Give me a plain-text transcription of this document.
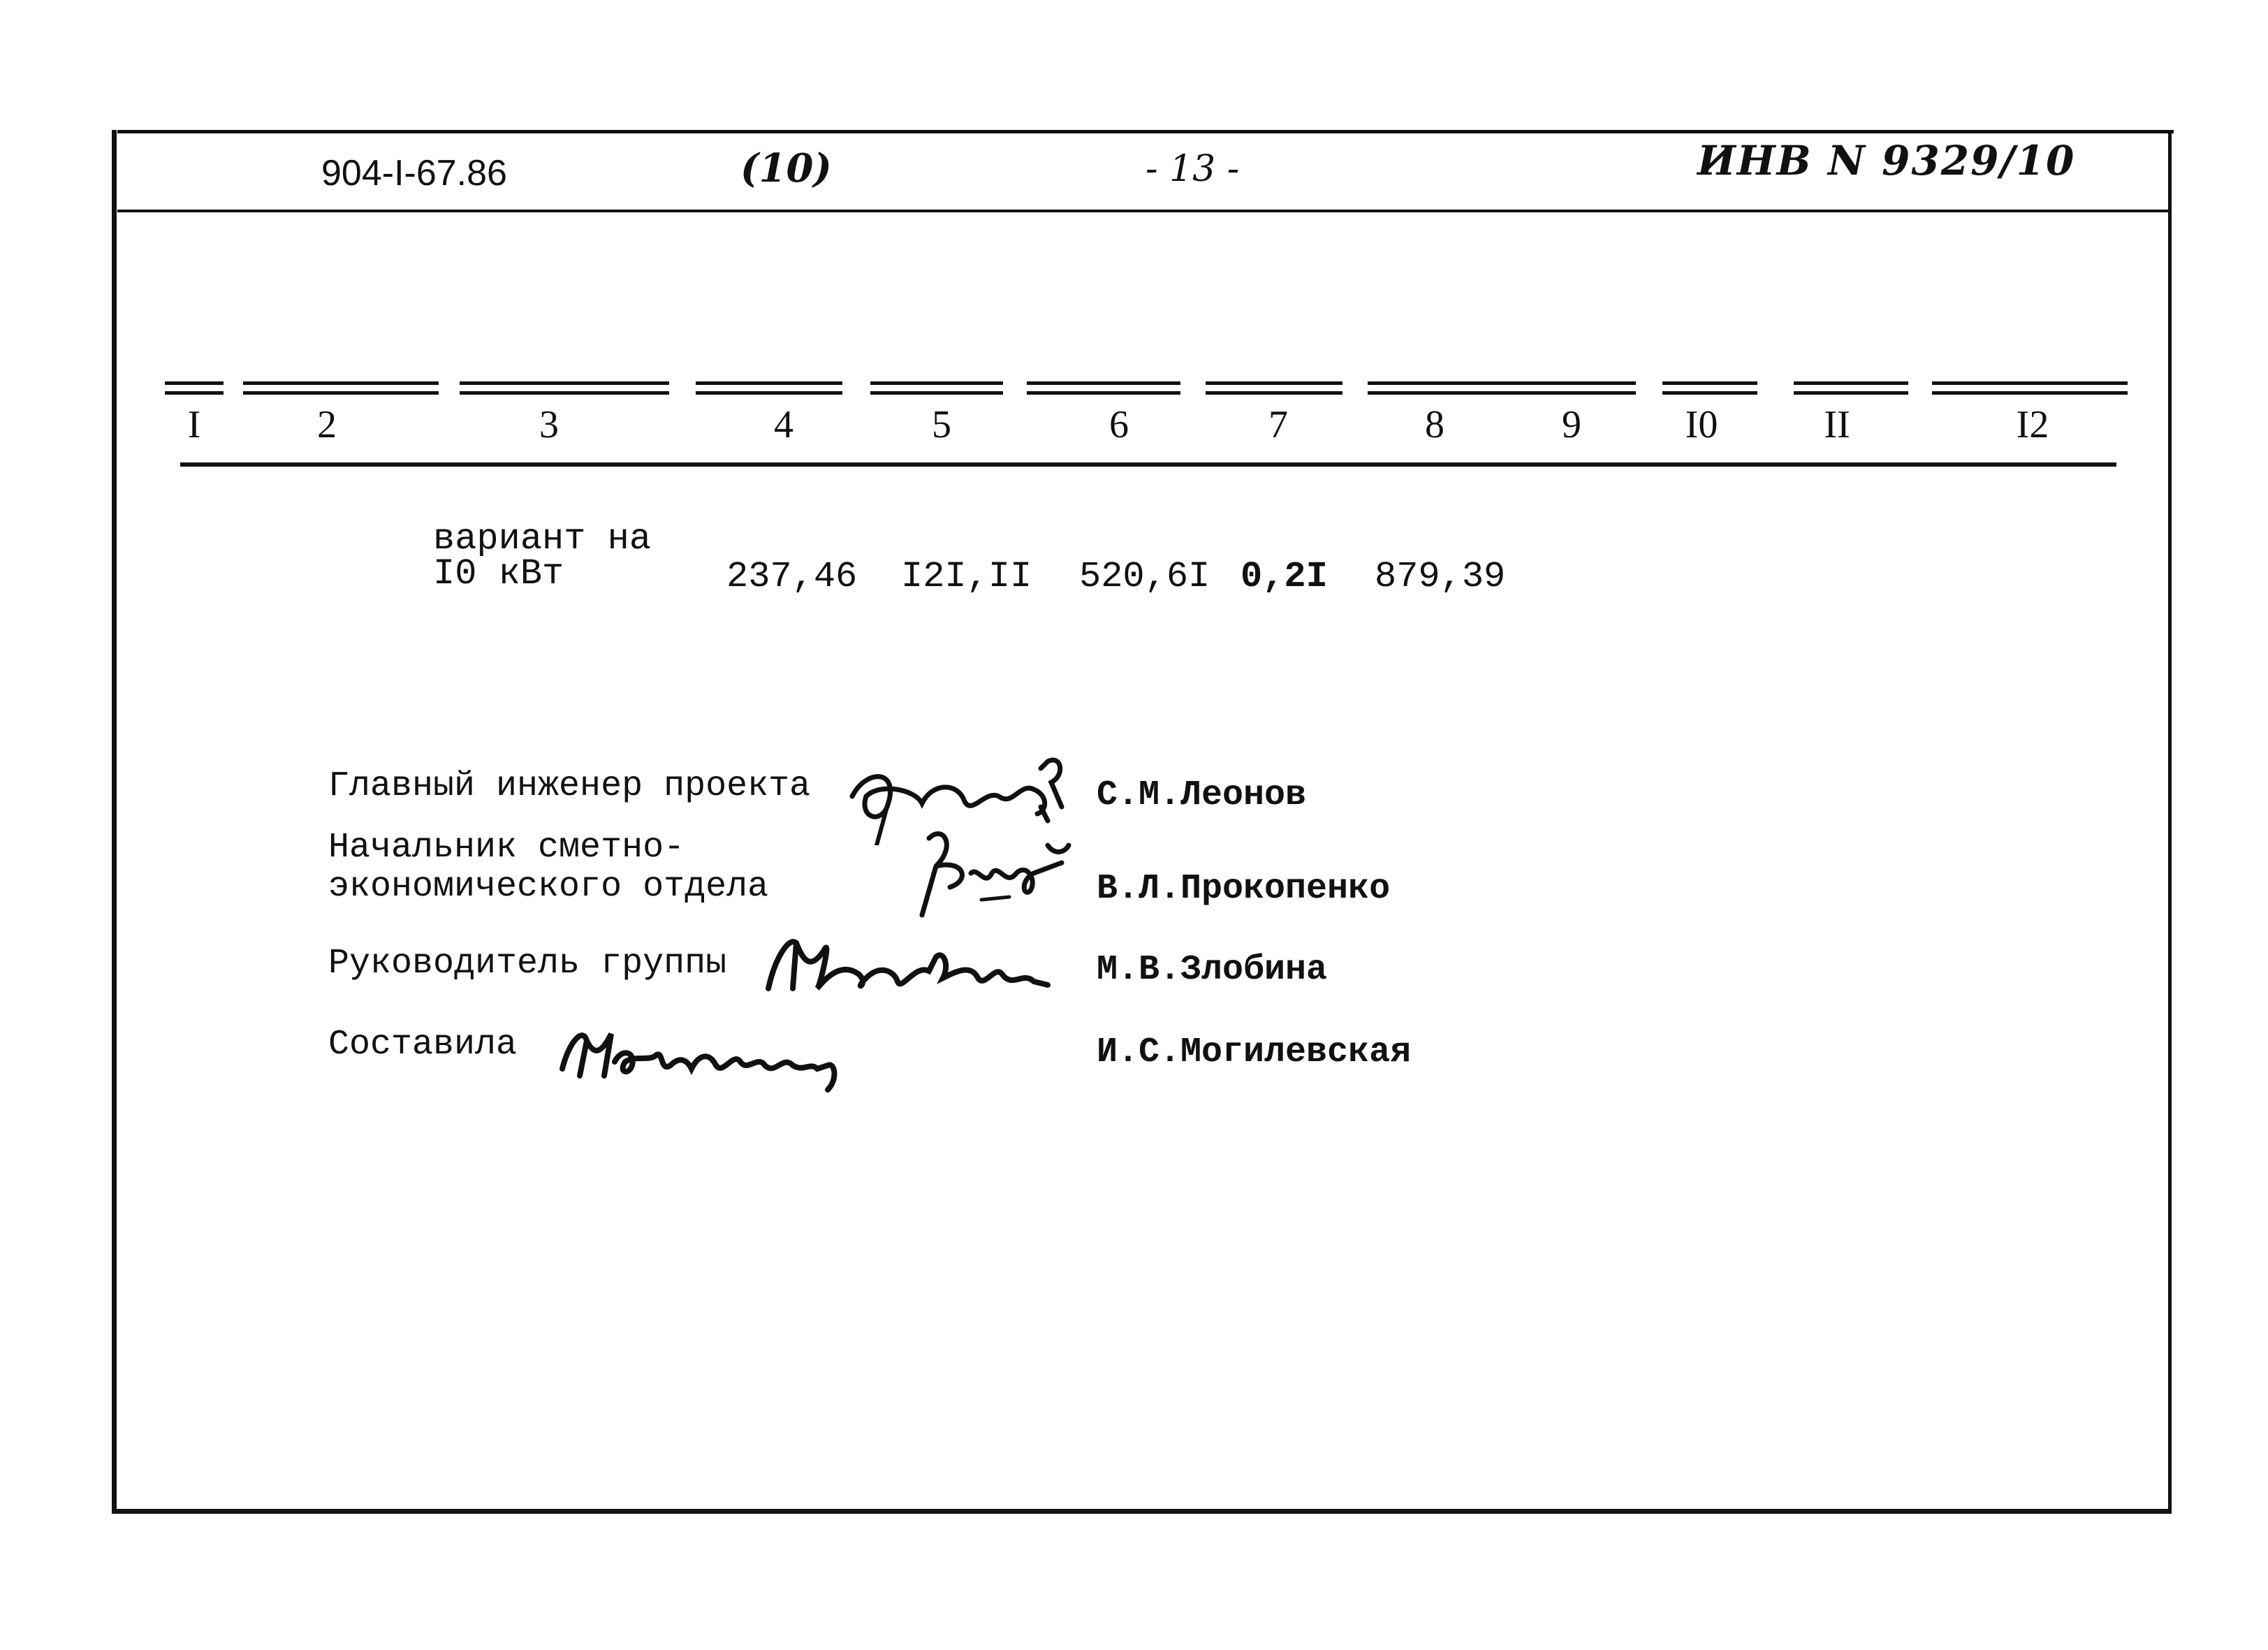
904-I-67.86	(10)	- 13 -	ИНВ N 9329/10
I	2	3	4	5	6	7	8	9	I0	II	I2
вариант на
I0 кВт	237,46 I2I,II 520,6I 0,2I 879,39
Главный инженер проекта	С.М.Леонов
Начальник сметно-
экономического отдела	В.Л.Прокопенко
Руководитель группы	М.В.Злобина
Составила	И.С.Могилевская
